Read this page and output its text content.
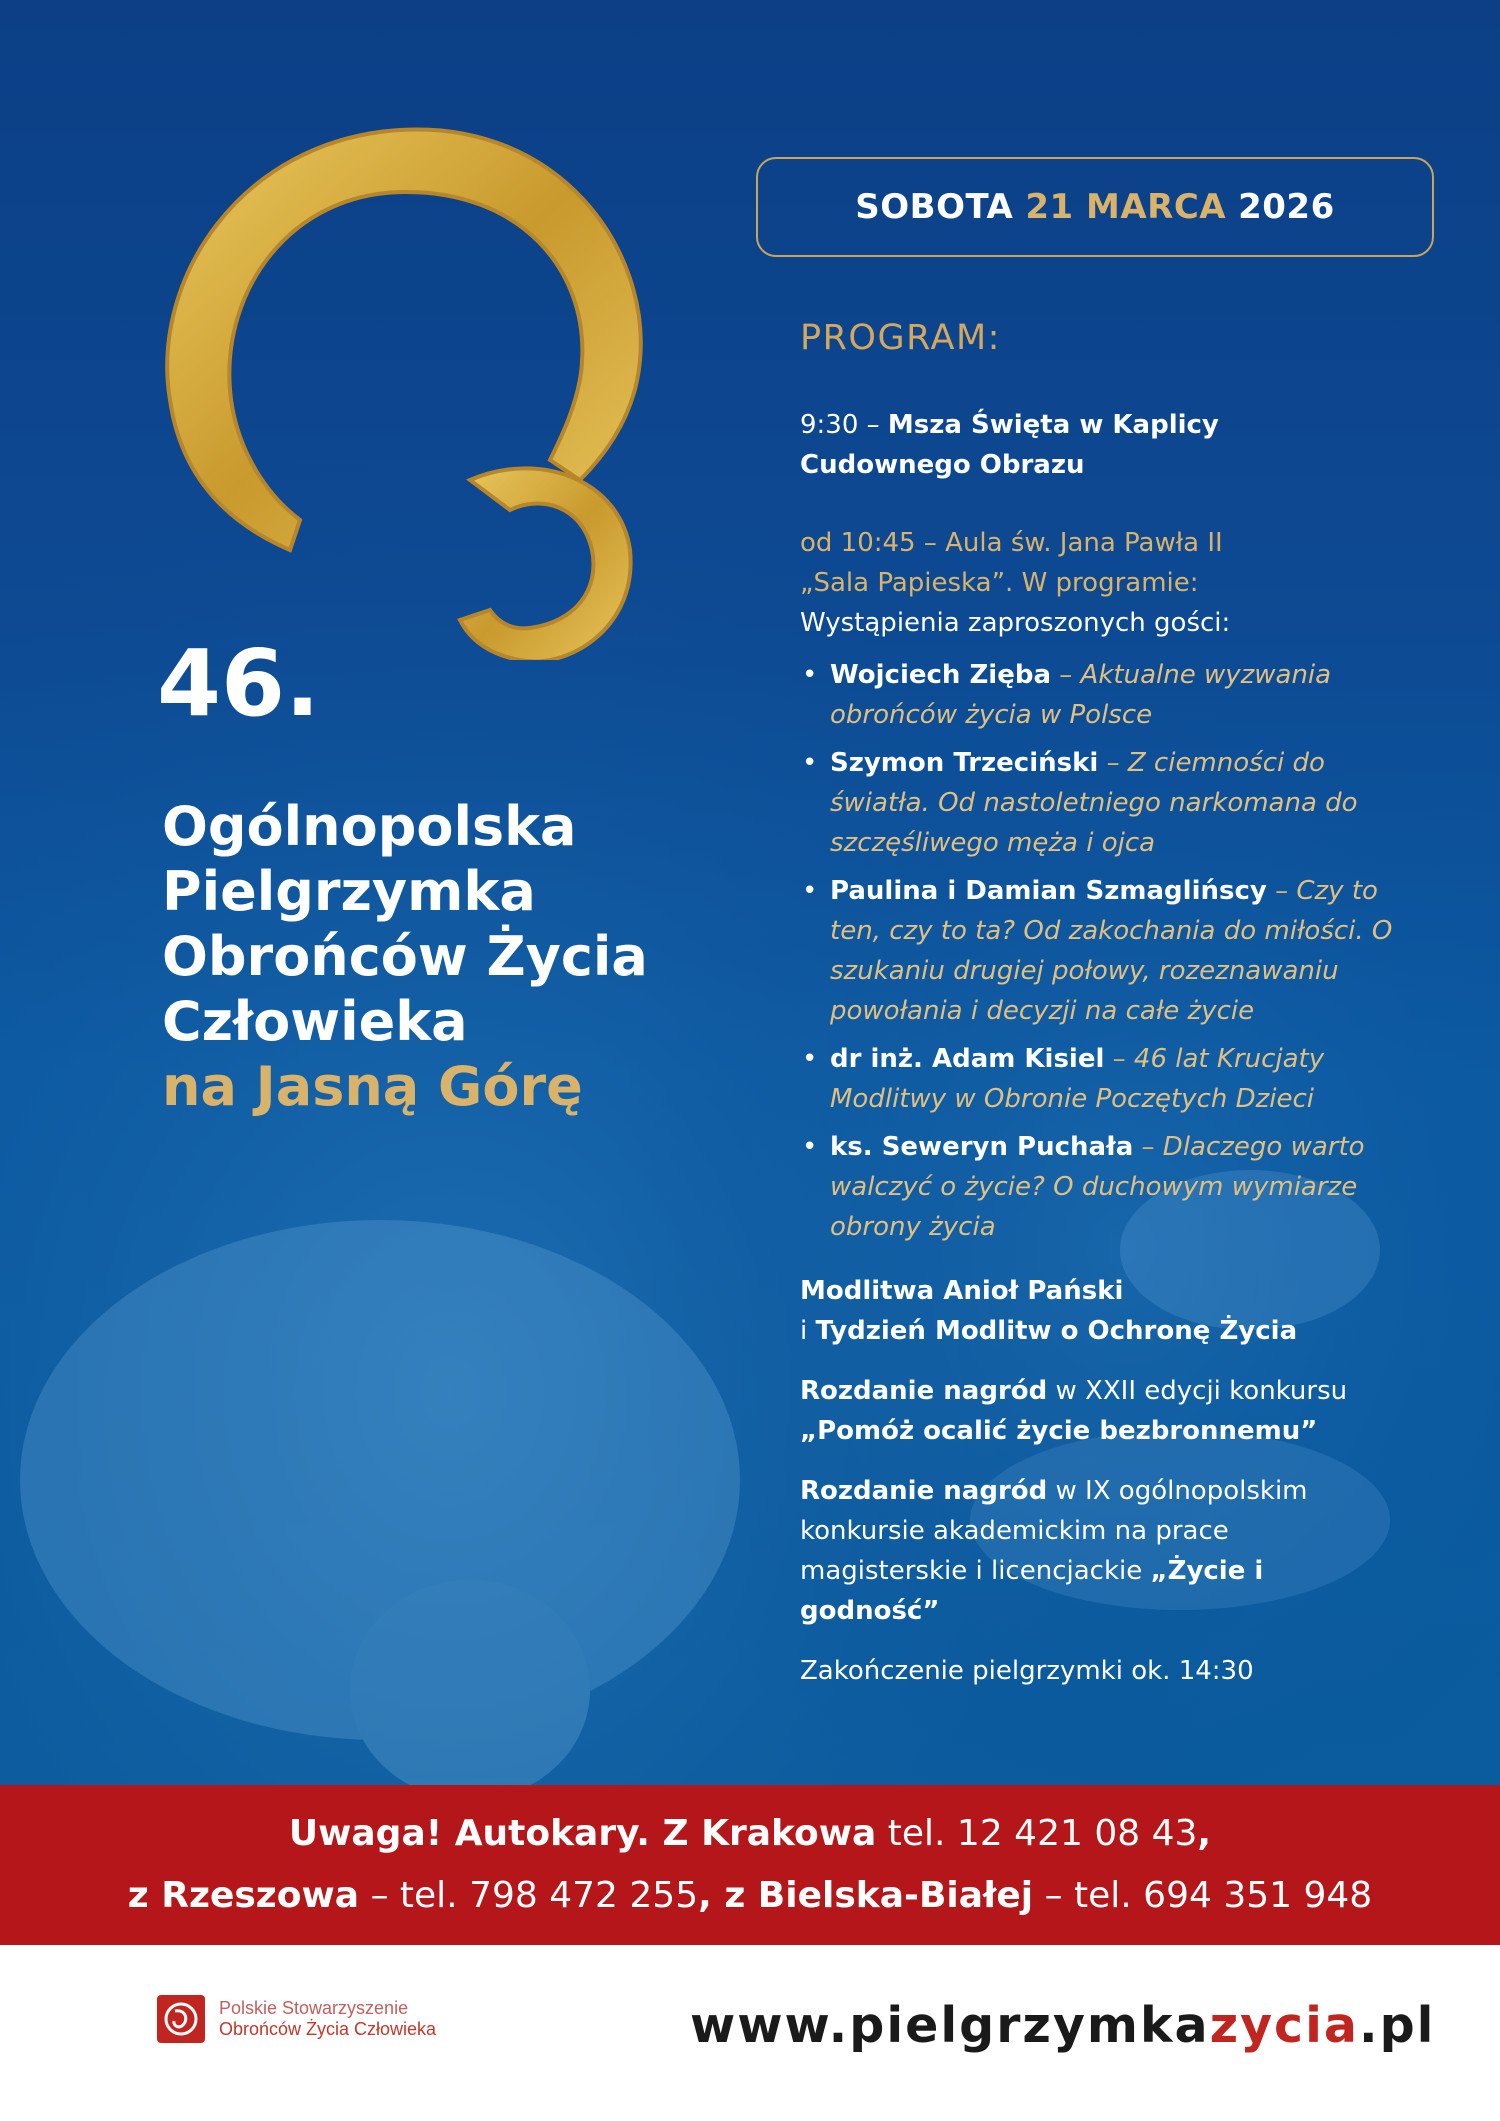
SOBOTA 21 MARCA 2026
PROGRAM:

9:30 – Msza Święta w Kaplicy
Cudownego Obrazu

od 10:45 – Aula św. Jana Pawła II

„Sala Papieska”. W programie:

Wystąpienia zaproszonych gości:

• Wojciech Zięba – Aktualne wyzwania obrońców życia w Polsce
• Szymon Trzeciński – Z ciemności do światła. Od nastoletniego narkomana do szczęśliwego męża i ojca
• Paulina i Damian Szmaglińscy – Czy to ten, czy to ta? Od zakochania do miłości. O szukaniu drugiej połowy, rozeznawaniu powołania i decyzji na całe życie
• dr inż. Adam Kisiel – 46 lat Krucjaty Modlitwy w Obronie Poczętych Dzieci
• ks. Seweryn Puchała – Dlaczego warto walczyć o życie? O duchowym wymiarze obrony życia

Modlitwa Anioł Pański
i Tydzień Modlitw o Ochronę Życia

Rozdanie nagród w XXII edycji konkursu
„Pomóż ocalić życie bezbronnemu”

Rozdanie nagród w IX ogólnopolskim konkursie akademickim na prace magisterskie i licencjackie „Życie i godność”

Zakończenie pielgrzymki ok. 14:30

46.
Ogólnopolska
Pielgrzymka
Obrońców Życia
Człowieka
na Jasną Górę
Uwaga! Autokary. Z Krakowa tel. 12 421 08 43,
z Rzeszowa – tel. 798 472 255, z Bielska-Białej – tel. 694 351 948
Polskie Stowarzyszenie
Obrońców Życia Człowieka	www.pielgrzymkazycia.pl
